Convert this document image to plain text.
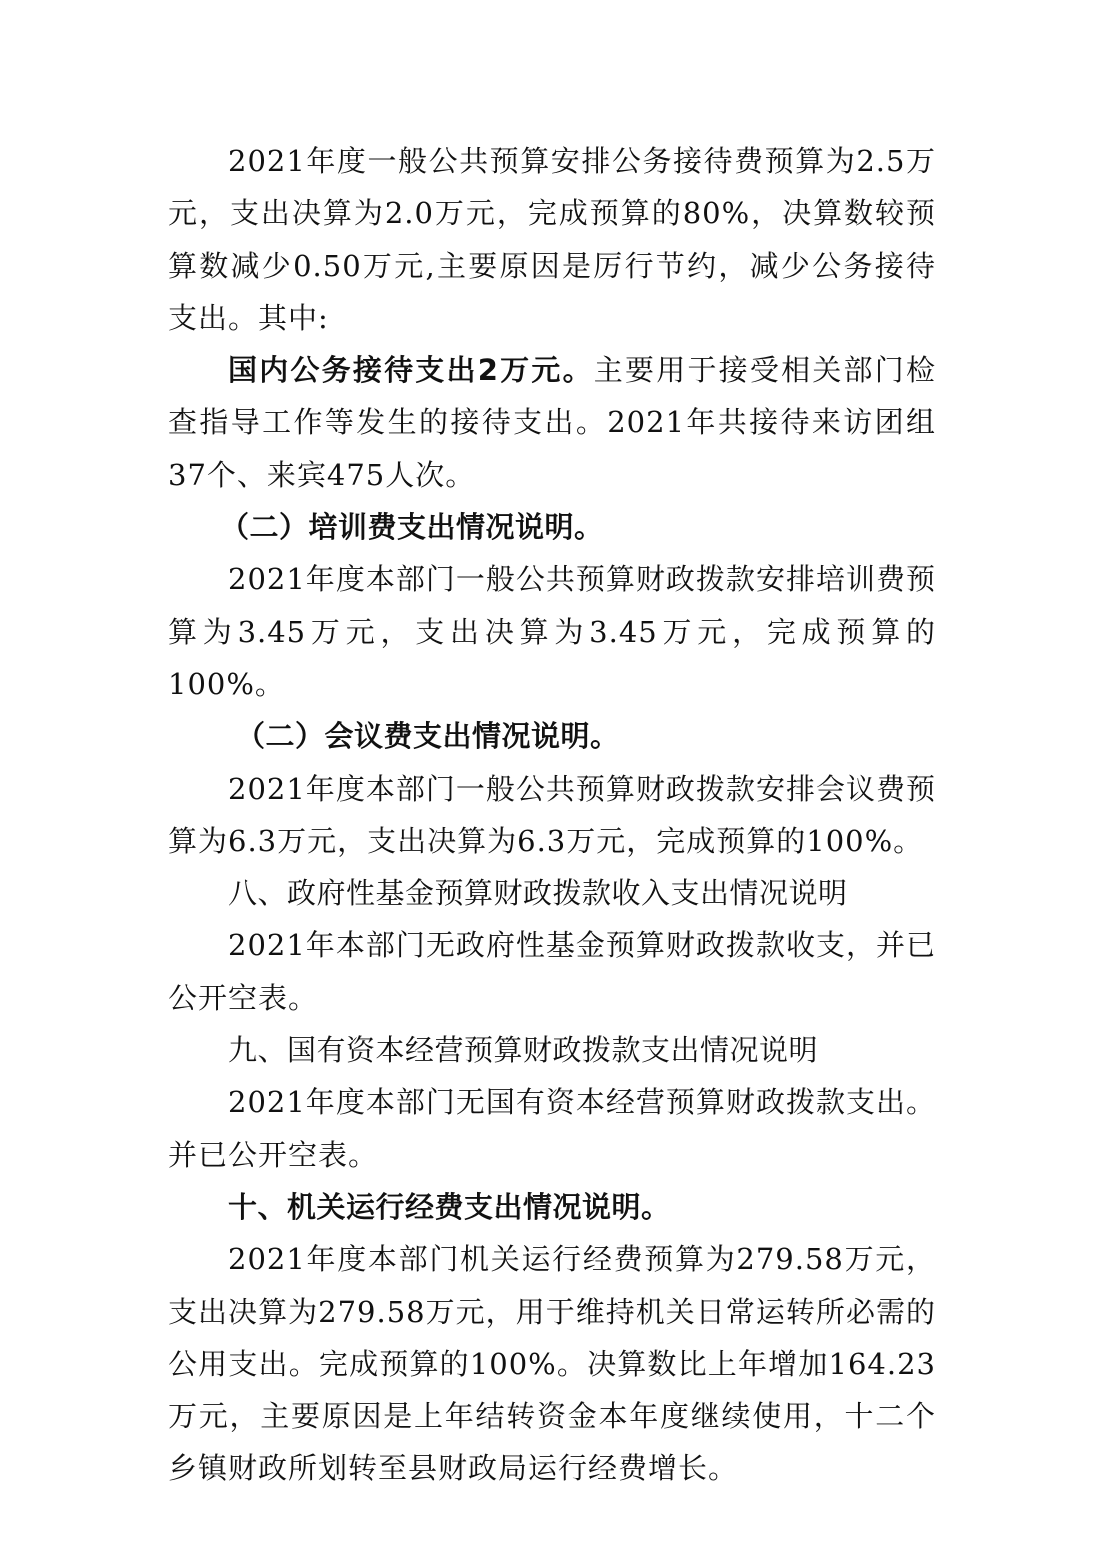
2021年度一般公共预算安排公务接待费预算为2.5万元，支出决算为2.0万元，完成预算的80%，决算数较预算数减少0.50万元,主要原因是厉行节约，减少公务接待支出。其中:

国内公务接待支出2万元。主要用于接受相关部门检查指导工作等发生的接待支出。2021年共接待来访团组37个、来宾475人次。

（二）培训费支出情况说明。

2021年度本部门一般公共预算财政拨款安排培训费预算为3.45万元，支出决算为3.45万元，完成预算的100%。

（二）会议费支出情况说明。

2021年度本部门一般公共预算财政拨款安排会议费预算为6.3万元，支出决算为6.3万元，完成预算的100%。

八、政府性基金预算财政拨款收入支出情况说明

2021年本部门无政府性基金预算财政拨款收支，并已公开空表。

九、国有资本经营预算财政拨款支出情况说明

2021年度本部门无国有资本经营预算财政拨款支出。并已公开空表。

十、机关运行经费支出情况说明。

2021年度本部门机关运行经费预算为279.58万元，支出决算为279.58万元，用于维持机关日常运转所必需的公用支出。完成预算的100%。决算数比上年增加164.23万元，主要原因是上年结转资金本年度继续使用，十二个乡镇财政所划转至县财政局运行经费增长。
